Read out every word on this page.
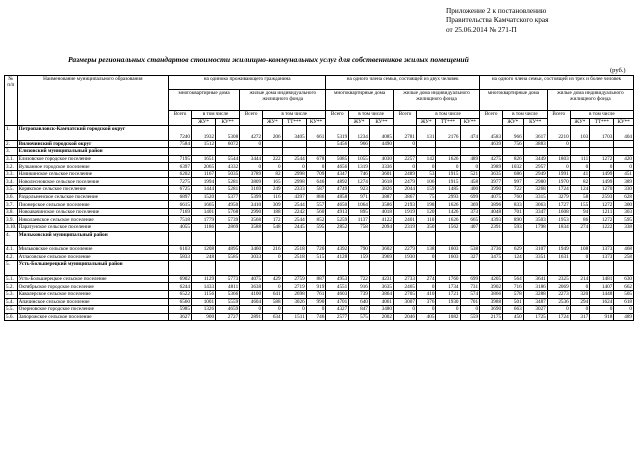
Приложение 2 к постановлению
Правительства Камчатского края
от 25.06.2014 № 271-П
Размеры региональных стандартов стоимости жилищно-коммунальных услуг для собственников жилых помещений
(руб.)
№ п/п	Наименование муниципального образования	на одиноко проживающего гражданина							на одного члена семьи, состоящей из двух человек							на одного члена семьи, состоящей из трех и более человек						
		многоквартирные дома			жилые дома индивидуального жилищного фонда				многоквартирные дома			жилые дома индивидуального жилищного фонда				многоквартирные дома			жилые дома индивидуального жилищного фонда			
		Всего	в том числе		Всего	в том числе			Всего	в том числе		Всего	в том числе			Всего	в том числе		Всего	в том числе		
			ЖУ*	КУ**		ЖУ*	ТТ***	КУ**		ЖУ*	КУ**		ЖУ*	ТТ***	КУ**		ЖУ*	КУ**		ЖУ*	ТТ***	КУ**
1.	Петропавловск-Камчатский городской округ	7240	1932	5308	4272	206	3405	661	5319	1234	4085	2781	131	2176	474	4583	966	3617	2210	103	1703	404
2.	Вилючинский городской округ	7584	1512	6072	0				5456	966	4490	0				4639	756	3883	0			
3.	Елизовский муниципальный район																					
3.1.	Елизовское городское поселение	7195	1651	5544	3444	222	2544	678	5085	1055	4030	2257	142	1626	489	4275	826	3449	1803	111	1272	420
3.2.	Вулканное городское поселение	6397	2065	4332	0	0	0	0	4656	1319	3336	0	0	0	0	3989	1032	2957	0	0	0	0
3.3.	Начикинское сельское поселение	6202	1167	5035	3789	82	2998	709	4347	746	3601	2489	53	1915	521	3635	686	2949	1991	41	1499	451
3.4.	Новолесновское сельское поселение	7275	1994	5281	3809	165	2998	646	4892	1274	3618	2479	106	1915	458	3977	997	2980	1970	82	1499	389
3.5.	Корякское сельское поселение	6725	1444	5281	3169	249	2333	587	4749	923	3826	2044	159	1485	400	3990	722	3268	1724	124	1270	330
3.6.	Раздольненское сельское поселение	6897	1520	5377	5399	116	4397	886	4858	971	3887	3867	75	2993	699	4075	760	3315	3279	58	2593	628
3.7.	Пионерское сельское поселение	6615	1665	4950	3410	309	2544	557	4650	1064	3586	2193	198	1626	369	3896	833	3063	1727	155	1272	300
3.8.	Новоавачинское сельское поселение	7169	1401	5768	2990	188	2242	560	4913	895	4018	1919	120	1426	373	4048	701	3347	1608	94	1211	303
3.9.	Николаевское сельское поселение	7518	1779	5739	3568	172	2544	852	5259	1137	4122	2401	110	1626	665	4393	890	3503	1953	86	1272	595
3.10.	Паратунское сельское поселение	4055	1186	2869	3588	548	2445	595	2852	758	2094	2319	350	1562	407	2391	593	1798	1834	274	1222	338
4.	Мильковский муниципальный район																					
4.1.	Мильковское сельское поселение	6103	1208	4895	3460	216	2518	726	4392	790	3602	2279	138	1603	538	3736	629	3107	1949	108	1373	468
4.2.	Атласовское сельское поселение	5833	248	5585	3033	0	2518	515	4128	159	3969	1930	0	1603	327	3475	124	3351	1631	0	1373	258
5.	Усть-Большерецкий муниципальный район																					
5.1.	Усть-Большерецкое сельское поселение	6902	1129	5773	4075	429	2759	887	4953	722	4231	2733	274	1760	699	4205	564	3641	2325	214	1481	630
5.2.	Октябрьское городское поселение	6244	1433	4811	3638	0	2719	919	4551	916	3635	2465	0	1734	731	3902	716	3186	2069	0	1407	662
5.3.	Кавалерское сельское поселение	6522	1156	5366	4100	641	2698	761	4603	739	3864	2705	410	1721	574	3866	578	3288	2273	320	1448	505
5.4.	Апачинское сельское поселение	6560	1001	5559	4604	588	3026	990	4701	640	4061	3007	376	1930	701	3988	501	3487	2536	294	1624	618
5.5.	Озерновское городское поселение	5985	1326	4659	0	0	0	0	4327	847	3480	0	0	0	0	3690	663	3027	0	0	0	0
5.6.	Запорожское сельское поселение	3627	900	2727	2891	634	1511	746	2577	575	2002	2046	405	1082	559	2175	450	1725	1724	317	918	489
